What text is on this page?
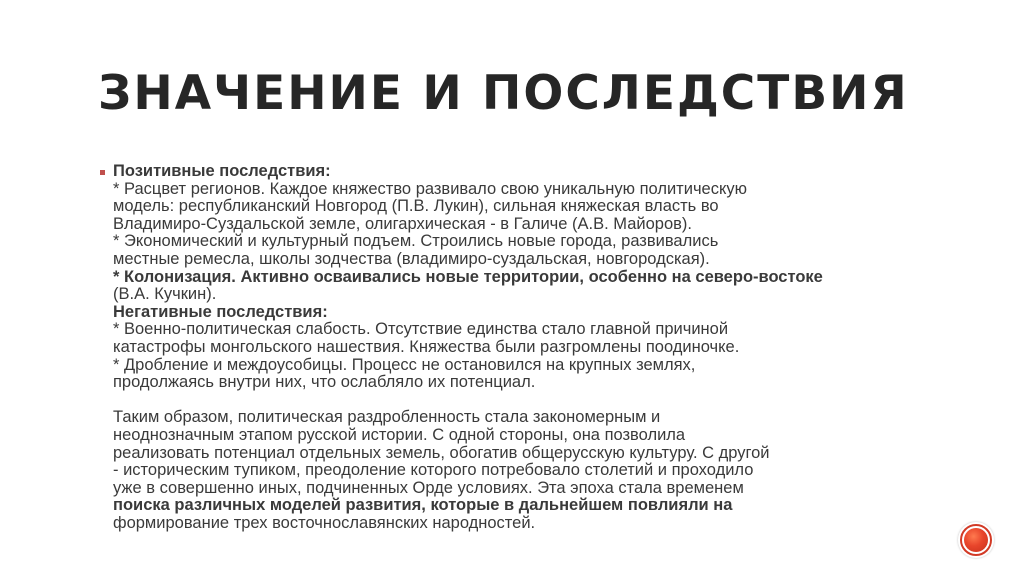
ЗНАЧЕНИЕ И ПОСЛЕДСТВИЯ
Позитивные последствия:
* Расцвет регионов. Каждое княжество развивало свою уникальную политическую
модель: республиканский Новгород (П.В. Лукин), сильная княжеская власть во
Владимиро-Суздальской земле, олигархическая - в Галиче (А.В. Майоров).
* Экономический и культурный подъем. Строились новые города, развивались
местные ремесла, школы зодчества (владимиро-суздальская, новгородская).
* Колонизация. Активно осваивались новые территории, особенно на северо-востоке
(В.А. Кучкин).
Негативные последствия:
* Военно-политическая слабость. Отсутствие единства стало главной причиной
катастрофы монгольского нашествия. Княжества были разгромлены поодиночке.
* Дробление и междоусобицы. Процесс не остановился на крупных землях,
продолжаясь внутри них, что ослабляло их потенциал.
Таким образом, политическая раздробленность стала закономерным и
неоднозначным этапом русской истории. С одной стороны, она позволила
реализовать потенциал отдельных земель, обогатив общерусскую культуру. С другой
- историческим тупиком, преодоление которого потребовало столетий и проходило
уже в совершенно иных, подчиненных Орде условиях. Эта эпоха стала временем
поиска различных моделей развития, которые в дальнейшем повлияли на
формирование трех восточнославянских народностей.
